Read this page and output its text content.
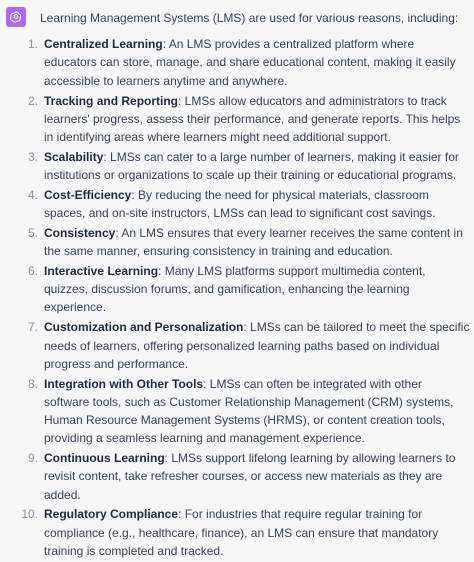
Learning Management Systems (LMS) are used for various reasons, including:

1. Centralized Learning: An LMS provides a centralized platform where educators can store, manage, and share educational content, making it easily accessible to learners anytime and anywhere.
2. Tracking and Reporting: LMSs allow educators and administrators to track learners' progress, assess their performance, and generate reports. This helps in identifying areas where learners might need additional support.
3. Scalability: LMSs can cater to a large number of learners, making it easier for institutions or organizations to scale up their training or educational programs.
4. Cost-Efficiency: By reducing the need for physical materials, classroom spaces, and on-site instructors, LMSs can lead to significant cost savings.
5. Consistency: An LMS ensures that every learner receives the same content in the same manner, ensuring consistency in training and education.
6. Interactive Learning: Many LMS platforms support multimedia content, quizzes, discussion forums, and gamification, enhancing the learning experience.
7. Customization and Personalization: LMSs can be tailored to meet the specific needs of learners, offering personalized learning paths based on individual progress and performance.
8. Integration with Other Tools: LMSs can often be integrated with other software tools, such as Customer Relationship Management (CRM) systems, Human Resource Management Systems (HRMS), or content creation tools, providing a seamless learning and management experience.
9. Continuous Learning: LMSs support lifelong learning by allowing learners to revisit content, take refresher courses, or access new materials as they are added.
10. Regulatory Compliance: For industries that require regular training for compliance (e.g., healthcare, finance), an LMS can ensure that mandatory training is completed and tracked.
